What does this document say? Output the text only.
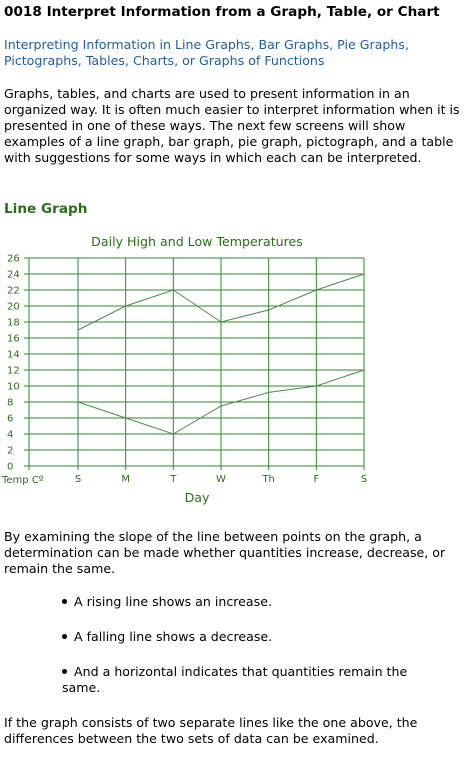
0018 Interpret Information from a Graph, Table, or Chart
Interpreting Information in Line Graphs, Bar Graphs, Pie Graphs, Pictographs, Tables, Charts, or Graphs of Functions
Graphs, tables, and charts are used to present information in an organized way. It is often much easier to interpret information when it is presented in one of these ways. The next few screens will show examples of a line graph, bar graph, pie graph, pictograph, and a table with suggestions for some ways in which each can be interpreted.
Line Graph
Daily High and Low Temperatures
0
2
4
6
8
10
12
14
16
18
20
22
24
26
S	M	T	W	Th	F	S
Temp Cº
Day
By examining the slope of the line between points on the graph, a determination can be made whether quantities increase, decrease, or remain the same.
A rising line shows an increase.
A falling line shows a decrease.
And a horizontal indicates that quantities remain the same.
If the graph consists of two separate lines like the one above, the differences between the two sets of data can be examined.
